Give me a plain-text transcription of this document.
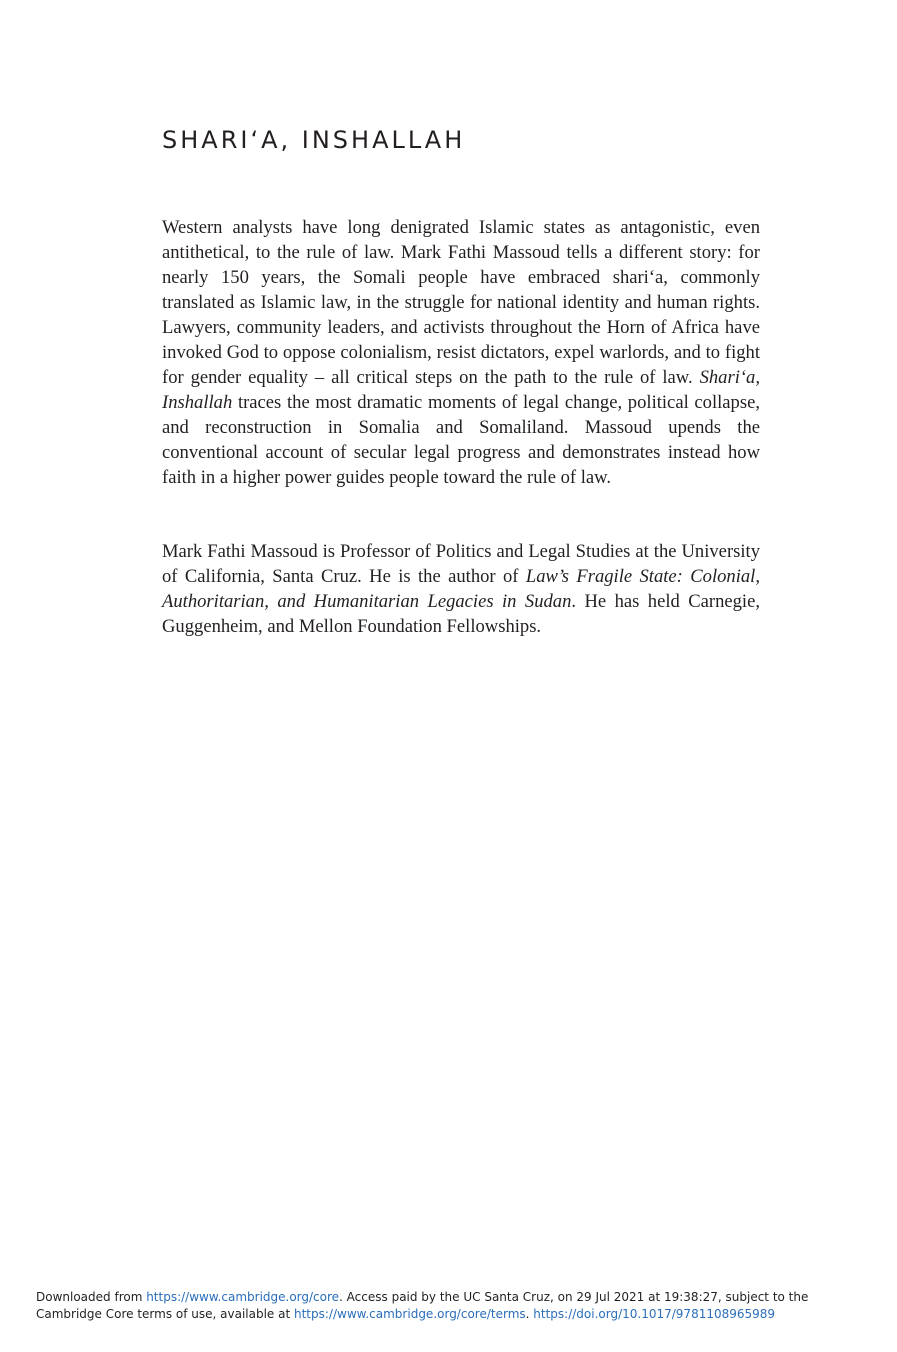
SHARI‘A, INSHALLAH

Western analysts have long denigrated Islamic states as antagonistic, even antithetical, to the rule of law. Mark Fathi Massoud tells a different story: for nearly 150 years, the Somali people have embraced shari‘a, commonly translated as Islamic law, in the struggle for national identity and human rights. Lawyers, community leaders, and activists throughout the Horn of Africa have invoked God to oppose colonialism, resist dictators, expel warlords, and to fight for gender equality – all critical steps on the path to the rule of law. Shari‘a, Inshallah traces the most dramatic moments of legal change, political collapse, and reconstruction in Somalia and Somaliland. Massoud upends the conventional account of secular legal progress and demonstrates instead how faith in a higher power guides people toward the rule of law.

Mark Fathi Massoud is Professor of Politics and Legal Studies at the University of California, Santa Cruz. He is the author of Law’s Fragile State: Colonial, Authoritarian, and Humanitarian Legacies in Sudan. He has held Carnegie, Guggenheim, and Mellon Foundation Fellowships.

Downloaded from https://www.cambridge.org/core. Access paid by the UC Santa Cruz, on 29 Jul 2021 at 19:38:27, subject to the Cambridge Core terms of use, available at https://www.cambridge.org/core/terms. https://doi.org/10.1017/9781108965989
